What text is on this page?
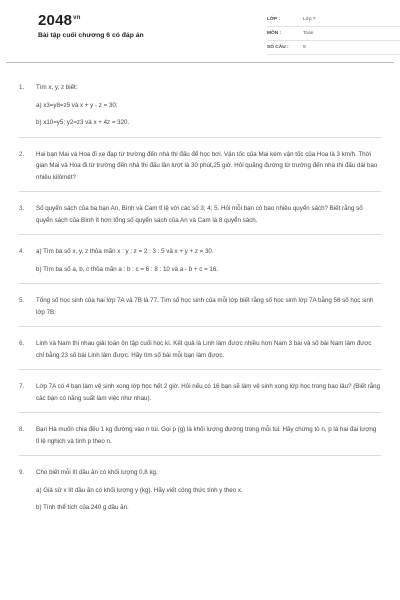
$2048^{vn}$
Bài tập cuối chương 6 có đáp án
LỚP :	Lớp 7
MÔN :	Toán
SỐ CÂU :	9
1.	Tìm x, y, z biết:
a) x3=y8=z5 và x + y - z = 30;
b) x10=y5; y2=z3 và x + 4z = 320.
2.	Hai bạn Mai và Hoa đi xe đạp từ trường đến nhà thi đấu để học bơi. Vận tốc của Mai kém vận tốc của Hoa là 3 km/h. Thời gian Mai và Hoa đi từ trường đến nhà thi đấu lần lượt là 30 phút,25 giờ. Hỏi quãng đường từ trường đến nhà thi đấu dài bao nhiêu kilômét?
3.	Số quyển sách của ba bạn An, Bình và Cam tỉ lệ với các số 3; 4; 5. Hỏi mỗi bạn có bao nhiêu quyển sách? Biết rằng số quyển sách của Bình ít hơn tổng số quyển sách của An và Cam là 8 quyển sách.
4.	a) Tìm ba số x, y, z thỏa mãn x : y : z = 2 : 3 : 5 và x + y + z = 30.
b) Tìm ba số a, b, c thỏa mãn a : b : c = 6 : 8 : 10 và a - b + c = 16.
5.	Tổng số học sinh của hai lớp 7A và 7B là 77. Tìm số học sinh của mỗi lớp biết rằng số học sinh lớp 7A bằng 56 số học sinh lớp 7B.
6.	Linh và Nam thi nhau giải toán ôn tập cuối học kì. Kết quả là Linh làm được nhiều hơn Nam 3 bài và số bài Nam làm được chỉ bằng 23 số bài Linh làm được. Hãy tìm số bài mỗi bạn làm được.
7.	Lớp 7A có 4 bạn làm vệ sinh xong lớp học hết 2 giờ. Hỏi nếu có 16 bạn sẽ làm vệ sinh xong lớp học trong bao lâu? (Biết rằng các bạn có năng suất làm việc như nhau).
8.	Bạn Hà muốn chia đều 1 kg đường vào n túi. Gọi p (g) là khối lượng đường trong mỗi túi. Hãy chứng tỏ n, p là hai đại lượng tỉ lệ nghịch và tính p theo n.
9.	Cho biết mỗi lít dầu ăn có khối lượng 0,8 kg.
a) Giả sử x lít dầu ăn có khối lượng y (kg). Hãy viết công thức tính y theo x.
b) Tính thể tích của 240 g dầu ăn.
